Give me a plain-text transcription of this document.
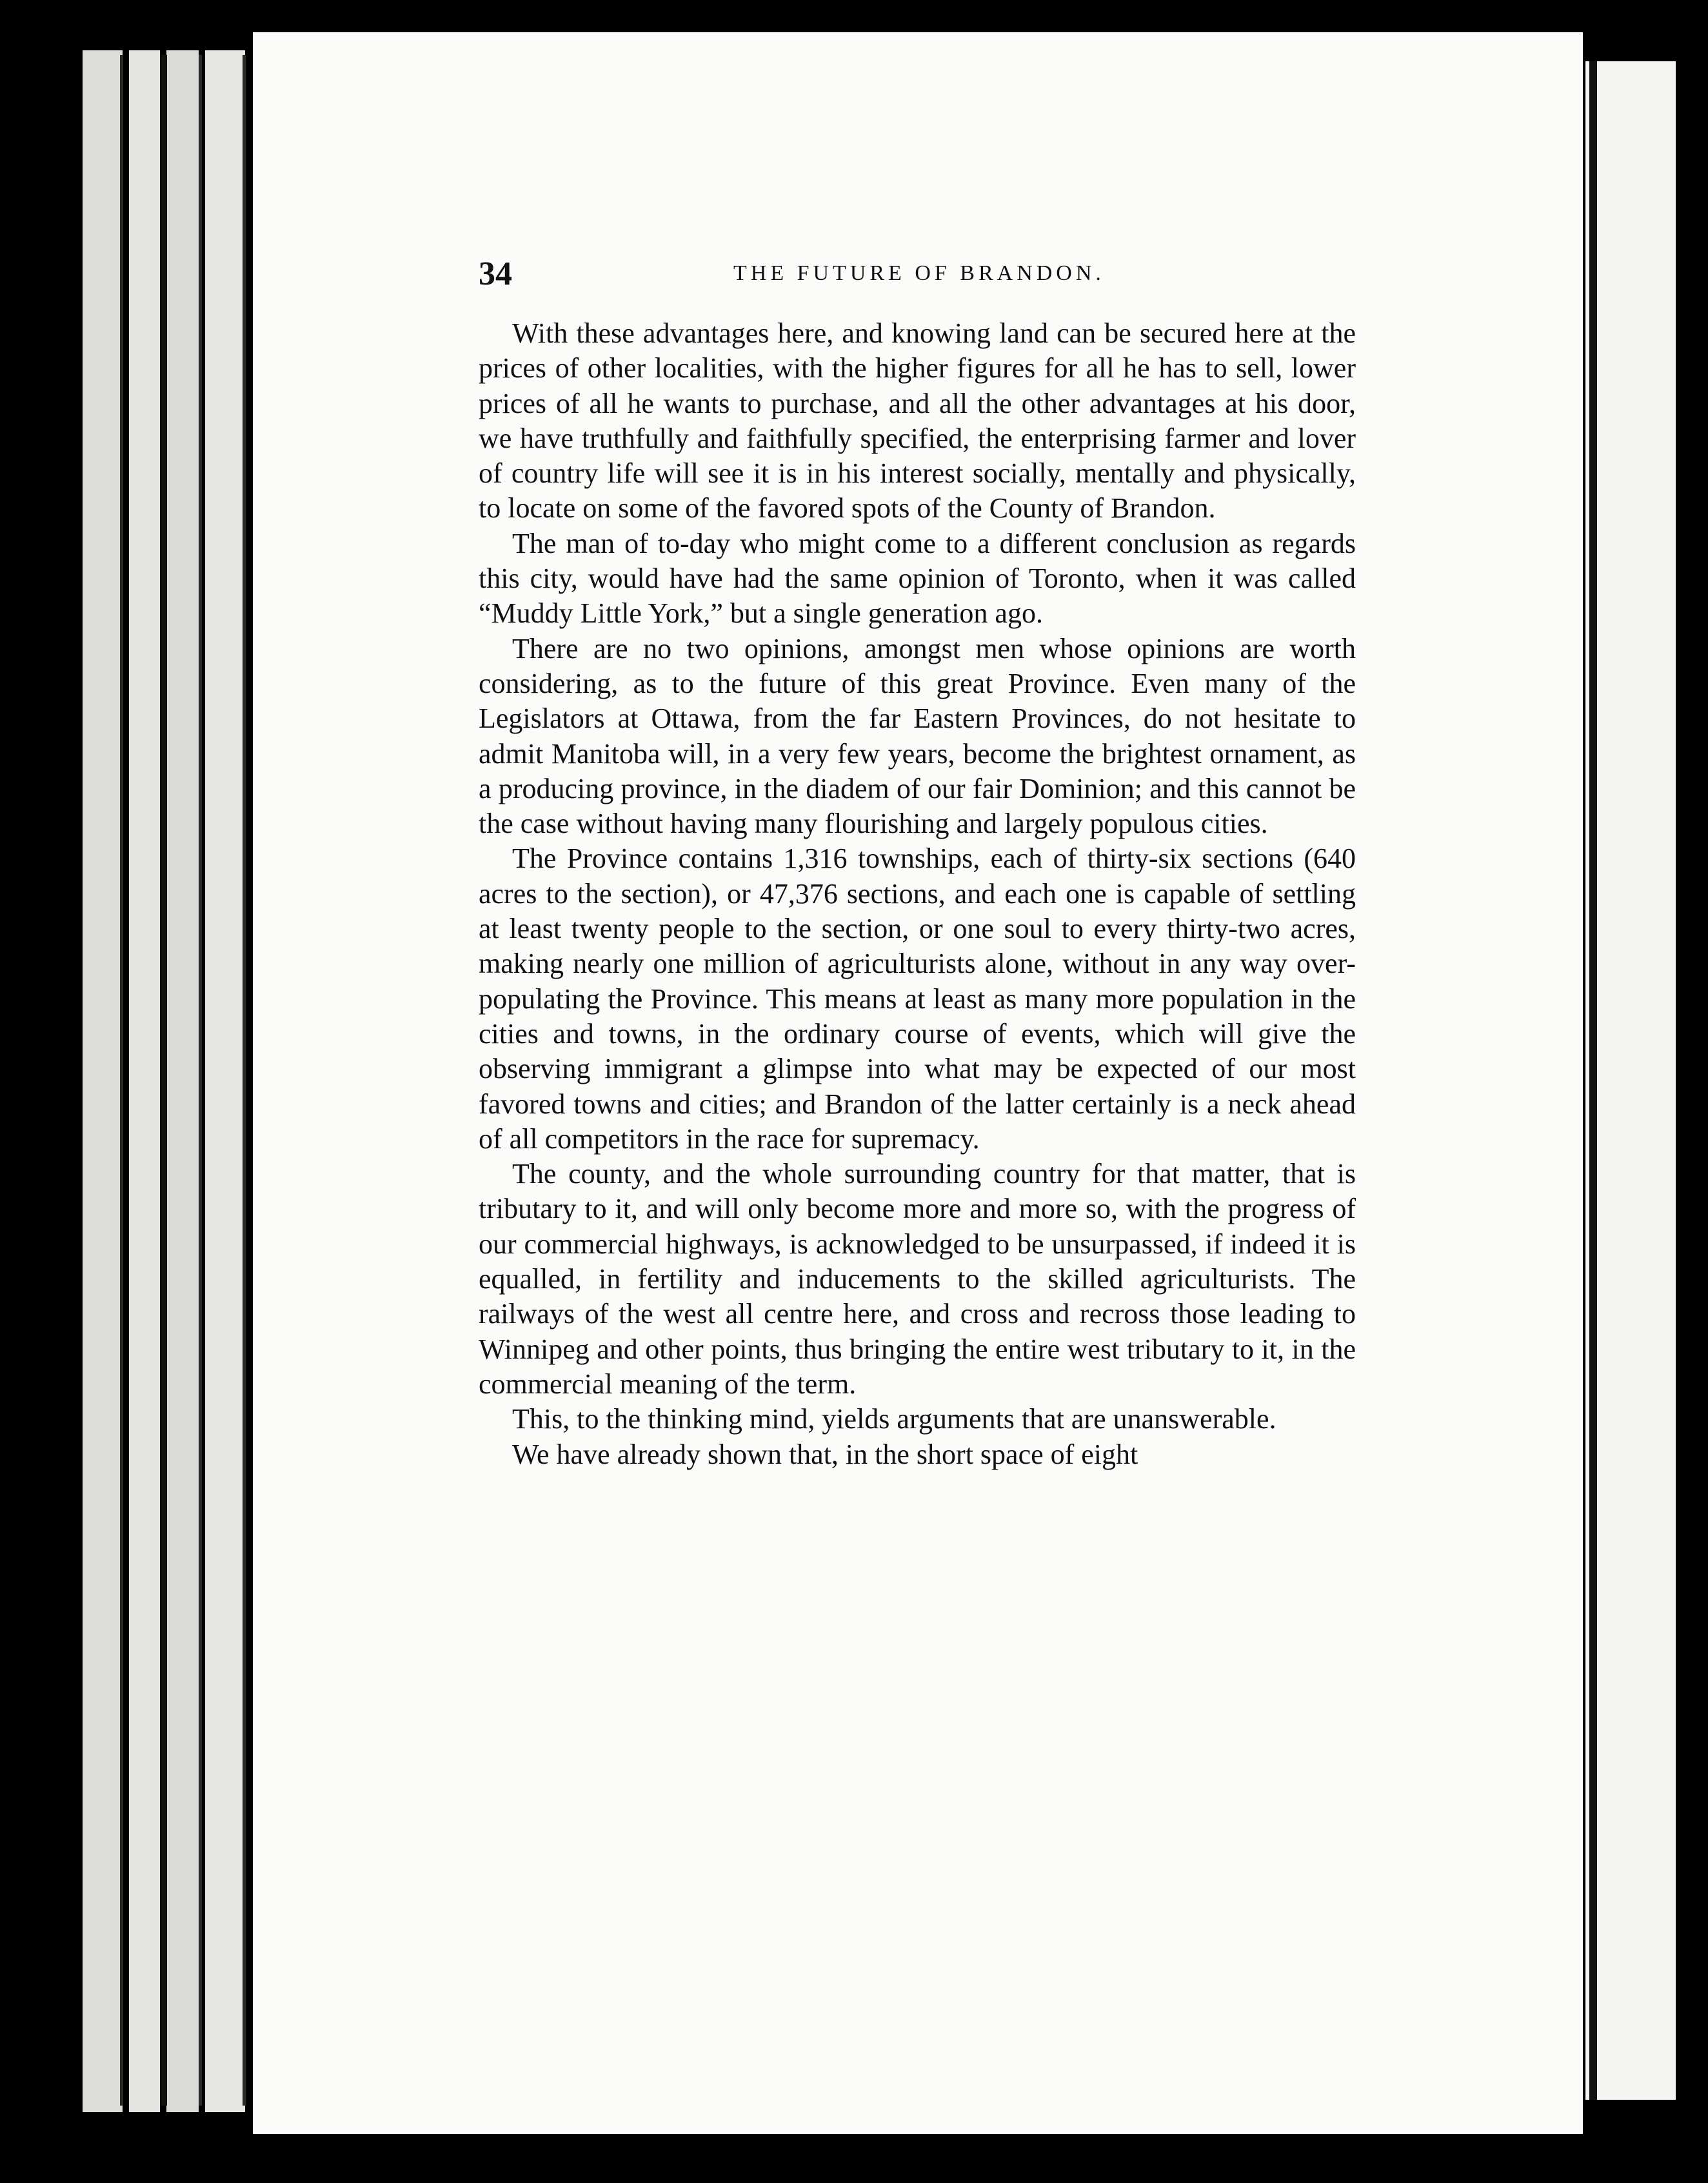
34	THE FUTURE OF BRANDON.

With these advantages here, and knowing land can be secured here at the prices of other localities, with the higher figures for all he has to sell, lower prices of all he wants to purchase, and all the other advantages at his door, we have truthfully and faithfully specified, the enterprising farmer and lover of country life will see it is in his interest socially, mentally and physically, to locate on some of the favored spots of the County of Brandon.

The man of to-day who might come to a different conclusion as regards this city, would have had the same opinion of Toronto, when it was called “Muddy Little York,” but a single generation ago.

There are no two opinions, amongst men whose opinions are worth considering, as to the future of this great Province. Even many of the Legislators at Ottawa, from the far Eastern Provinces, do not hesitate to admit Manitoba will, in a very few years, become the brightest ornament, as a producing province, in the diadem of our fair Dominion; and this cannot be the case without having many flourishing and largely populous cities.

The Province contains 1,316 townships, each of thirty-six sections (640 acres to the section), or 47,376 sections, and each one is capable of settling at least twenty people to the section, or one soul to every thirty-two acres, making nearly one million of agriculturists alone, without in any way over-populating the Province. This means at least as many more population in the cities and towns, in the ordinary course of events, which will give the observing immigrant a glimpse into what may be expected of our most favored towns and cities; and Brandon of the latter certainly is a neck ahead of all competitors in the race for supremacy.

The county, and the whole surrounding country for that matter, that is tributary to it, and will only become more and more so, with the progress of our commercial highways, is acknowledged to be unsurpassed, if indeed it is equalled, in fertility and inducements to the skilled agriculturists. The railways of the west all centre here, and cross and recross those leading to Winnipeg and other points, thus bringing the entire west tributary to it, in the commercial meaning of the term.

This, to the thinking mind, yields arguments that are unanswerable.

We have already shown that, in the short space of eight
